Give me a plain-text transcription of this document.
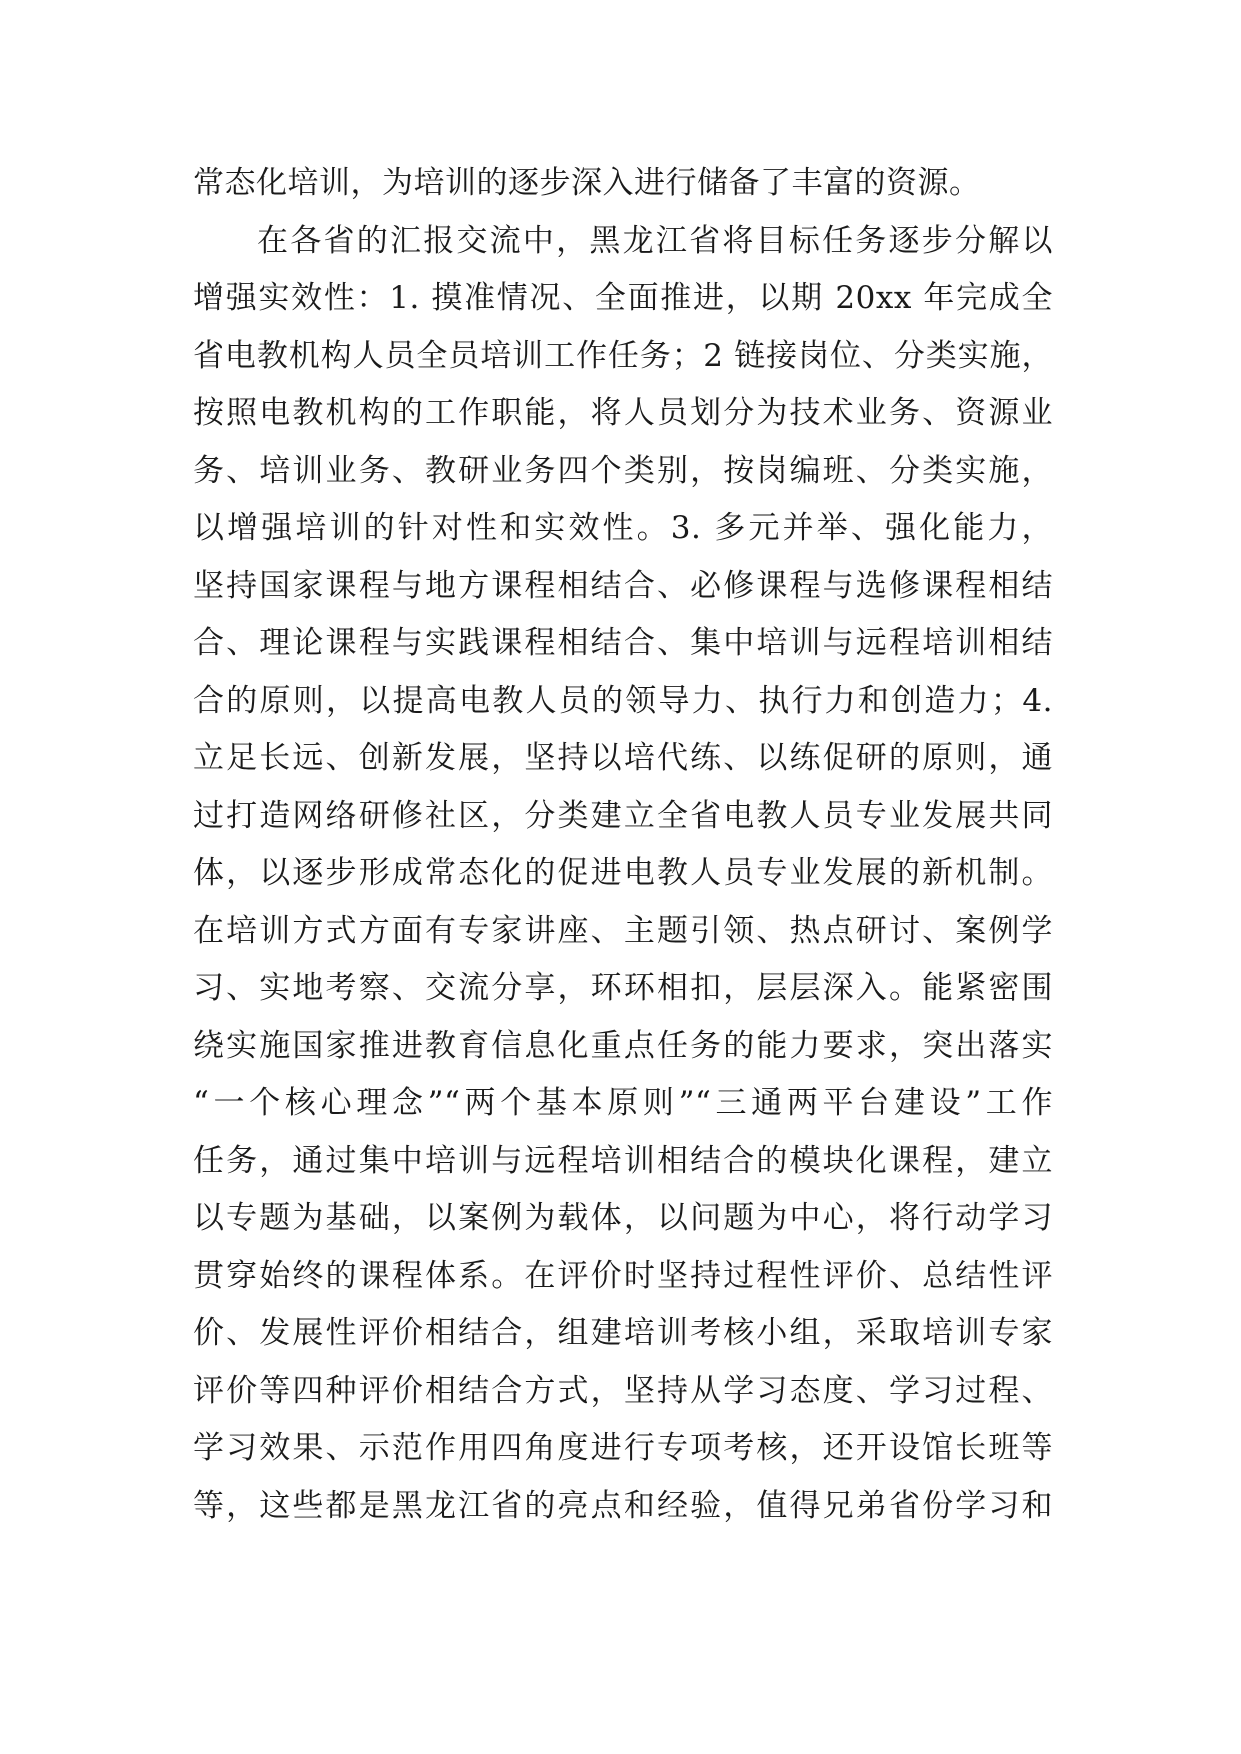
常态化培训，为培训的逐步深入进行储备了丰富的资源。
在各省的汇报交流中，黑龙江省将目标任务逐步分解以
增强实效性：1. 摸准情况、全面推进，以期 20xx 年完成全
省电教机构人员全员培训工作任务；2 链接岗位、分类实施，
按照电教机构的工作职能，将人员划分为技术业务、资源业
务、培训业务、教研业务四个类别，按岗编班、分类实施，
以增强培训的针对性和实效性。3. 多元并举、强化能力，
坚持国家课程与地方课程相结合、必修课程与选修课程相结
合、理论课程与实践课程相结合、集中培训与远程培训相结
合的原则，以提高电教人员的领导力、执行力和创造力；4.
立足长远、创新发展，坚持以培代练、以练促研的原则，通
过打造网络研修社区，分类建立全省电教人员专业发展共同
体，以逐步形成常态化的促进电教人员专业发展的新机制。
在培训方式方面有专家讲座、主题引领、热点研讨、案例学
习、实地考察、交流分享，环环相扣，层层深入。能紧密围
绕实施国家推进教育信息化重点任务的能力要求，突出落实
“一个核心理念”“两个基本原则”“三通两平台建设”工作
任务，通过集中培训与远程培训相结合的模块化课程，建立
以专题为基础，以案例为载体，以问题为中心，将行动学习
贯穿始终的课程体系。在评价时坚持过程性评价、总结性评
价、发展性评价相结合，组建培训考核小组，采取培训专家
评价等四种评价相结合方式，坚持从学习态度、学习过程、
学习效果、示范作用四角度进行专项考核，还开设馆长班等
等，这些都是黑龙江省的亮点和经验，值得兄弟省份学习和
